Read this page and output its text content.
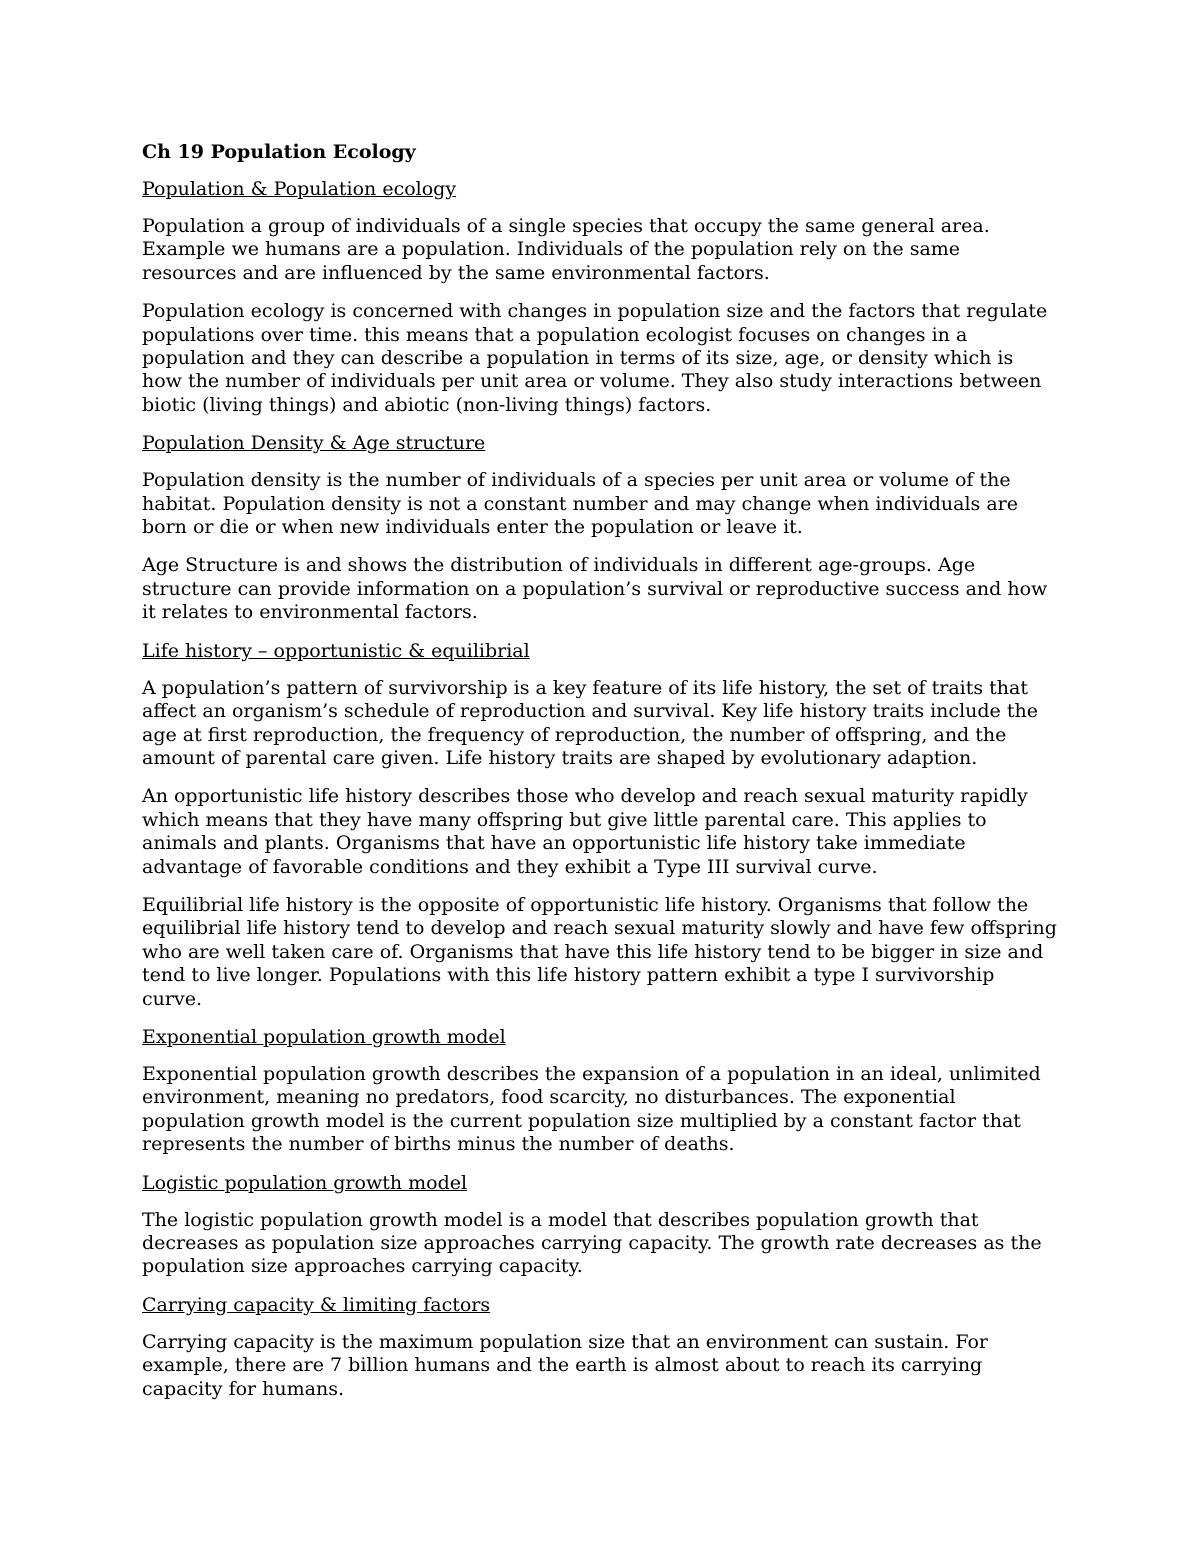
Ch 19 Population Ecology
Population & Population ecology

Population a group of individuals of a single species that occupy the same general area. Example we humans are a population. Individuals of the population rely on the same resources and are influenced by the same environmental factors.

Population ecology is concerned with changes in population size and the factors that regulate populations over time. this means that a population ecologist focuses on changes in a population and they can describe a population in terms of its size, age, or density which is how the number of individuals per unit area or volume. They also study interactions between biotic (living things) and abiotic (non-living things) factors.

Population Density & Age structure

Population density is the number of individuals of a species per unit area or volume of the habitat. Population density is not a constant number and may change when individuals are born or die or when new individuals enter the population or leave it.

Age Structure is and shows the distribution of individuals in different age-groups. Age structure can provide information on a population’s survival or reproductive success and how it relates to environmental factors.

Life history – opportunistic & equilibrial

A population’s pattern of survivorship is a key feature of its life history, the set of traits that affect an organism’s schedule of reproduction and survival. Key life history traits include the age at first reproduction, the frequency of reproduction, the number of offspring, and the amount of parental care given. Life history traits are shaped by evolutionary adaption.

An opportunistic life history describes those who develop and reach sexual maturity rapidly which means that they have many offspring but give little parental care. This applies to animals and plants. Organisms that have an opportunistic life history take immediate advantage of favorable conditions and they exhibit a Type III survival curve.

Equilibrial life history is the opposite of opportunistic life history. Organisms that follow the equilibrial life history tend to develop and reach sexual maturity slowly and have few offspring who are well taken care of. Organisms that have this life history tend to be bigger in size and tend to live longer. Populations with this life history pattern exhibit a type I survivorship curve.

Exponential population growth model

Exponential population growth describes the expansion of a population in an ideal, unlimited environment, meaning no predators, food scarcity, no disturbances. The exponential population growth model is the current population size multiplied by a constant factor that represents the number of births minus the number of deaths.

Logistic population growth model

The logistic population growth model is a model that describes population growth that decreases as population size approaches carrying capacity. The growth rate decreases as the population size approaches carrying capacity.

Carrying capacity & limiting factors

Carrying capacity is the maximum population size that an environment can sustain. For example, there are 7 billion humans and the earth is almost about to reach its carrying capacity for humans.
